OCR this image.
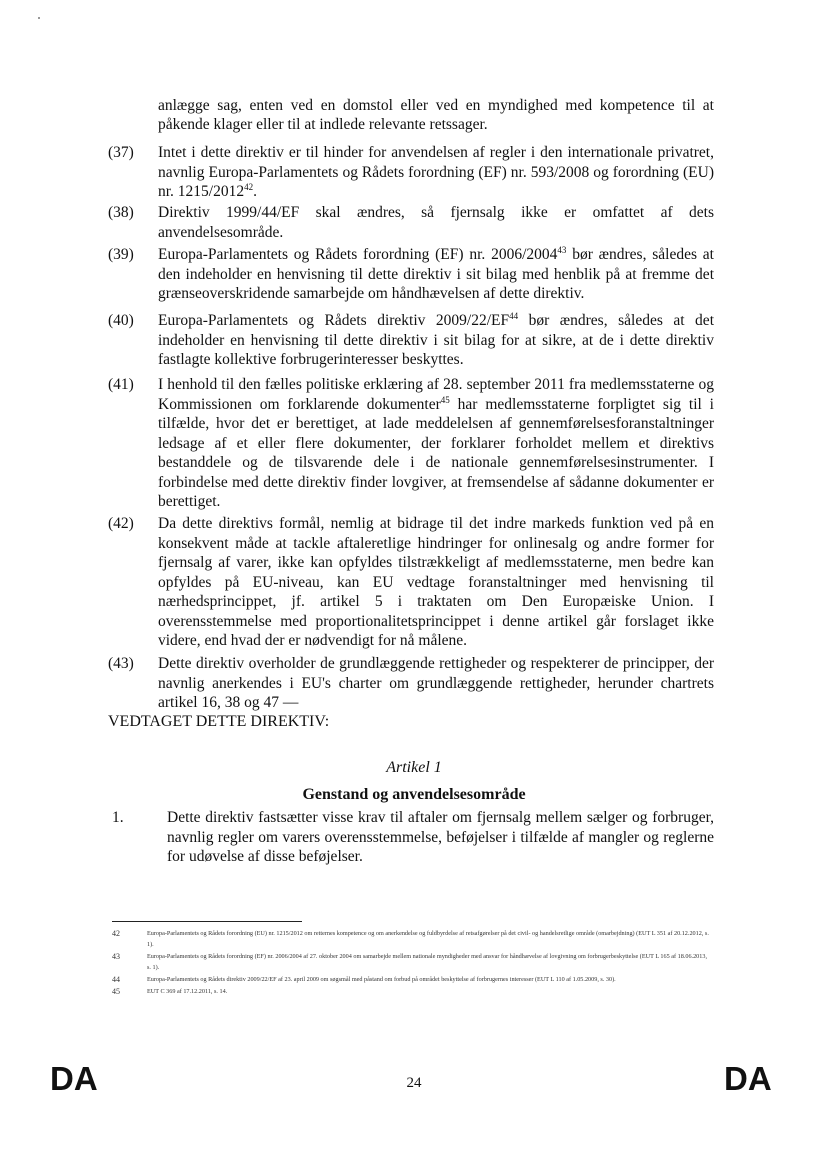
anlægge sag, enten ved en domstol eller ved en myndighed med kompetence til at påkende klager eller til at indlede relevante retssager.
(37)	Intet i dette direktiv er til hinder for anvendelsen af regler i den internationale privatret, navnlig Europa-Parlamentets og Rådets forordning (EF) nr. 593/2008 og forordning (EU) nr. 1215/2012$^{42}$.
(38)	Direktiv 1999/44/EF skal ændres, så fjernsalg ikke er omfattet af dets anvendelsesområde.
(39)	Europa-Parlamentets og Rådets forordning (EF) nr. 2006/2004$^{43}$ bør ændres, således at den indeholder en henvisning til dette direktiv i sit bilag med henblik på at fremme det grænseoverskridende samarbejde om håndhævelsen af dette direktiv.
(40)	Europa-Parlamentets og Rådets direktiv 2009/22/EF$^{44}$ bør ændres, således at det indeholder en henvisning til dette direktiv i sit bilag for at sikre, at de i dette direktiv fastlagte kollektive forbrugerinteresser beskyttes.
(41)	I henhold til den fælles politiske erklæring af 28. september 2011 fra medlemsstaterne og Kommissionen om forklarende dokumenter$^{45}$ har medlemsstaterne forpligtet sig til i tilfælde, hvor det er berettiget, at lade meddelelsen af gennemførelsesforanstaltninger ledsage af et eller flere dokumenter, der forklarer forholdet mellem et direktivs bestanddele og de tilsvarende dele i de nationale gennemførelsesinstrumenter. I forbindelse med dette direktiv finder lovgiver, at fremsendelse af sådanne dokumenter er berettiget.
(42)	Da dette direktivs formål, nemlig at bidrage til det indre markeds funktion ved på en konsekvent måde at tackle aftaleretlige hindringer for onlinesalg og andre former for fjernsalg af varer, ikke kan opfyldes tilstrækkeligt af medlemsstaterne, men bedre kan opfyldes på EU-niveau, kan EU vedtage foranstaltninger med henvisning til nærhedsprincippet, jf. artikel 5 i traktaten om Den Europæiske Union. I overensstemmelse med proportionalitetsprincippet i denne artikel går forslaget ikke videre, end hvad der er nødvendigt for nå målene.
(43)	Dette direktiv overholder de grundlæggende rettigheder og respekterer de principper, der navnlig anerkendes i EU's charter om grundlæggende rettigheder, herunder chartrets artikel 16, 38 og 47 —
VEDTAGET DETTE DIREKTIV:
Artikel 1
Genstand og anvendelsesområde
1.	Dette direktiv fastsætter visse krav til aftaler om fjernsalg mellem sælger og forbruger, navnlig regler om varers overensstemmelse, beføjelser i tilfælde af mangler og reglerne for udøvelse af disse beføjelser.
42	Europa-Parlamentets og Rådets forordning (EU) nr. 1215/2012 om retternes kompetence og om anerkendelse og fuldbyrdelse af retsafgørelser på det civil- og handelsretlige område (omarbejdning) (EUT L 351 af 20.12.2012, s. 1).
43	Europa-Parlamentets og Rådets forordning (EF) nr. 2006/2004 af 27. oktober 2004 om samarbejde mellem nationale myndigheder med ansvar for håndhævelse af lovgivning om forbrugerbeskyttelse (EUT L 165 af 18.06.2013, s. 1).
44	Europa-Parlamentets og Rådets direktiv 2009/22/EF af 23. april 2009 om søgsmål med påstand om forbud på området beskyttelse af forbrugernes interesser (EUT L 110 af 1.05.2009, s. 30).
45	EUT C 369 af 17.12.2011, s. 14.
DA	24	DA
